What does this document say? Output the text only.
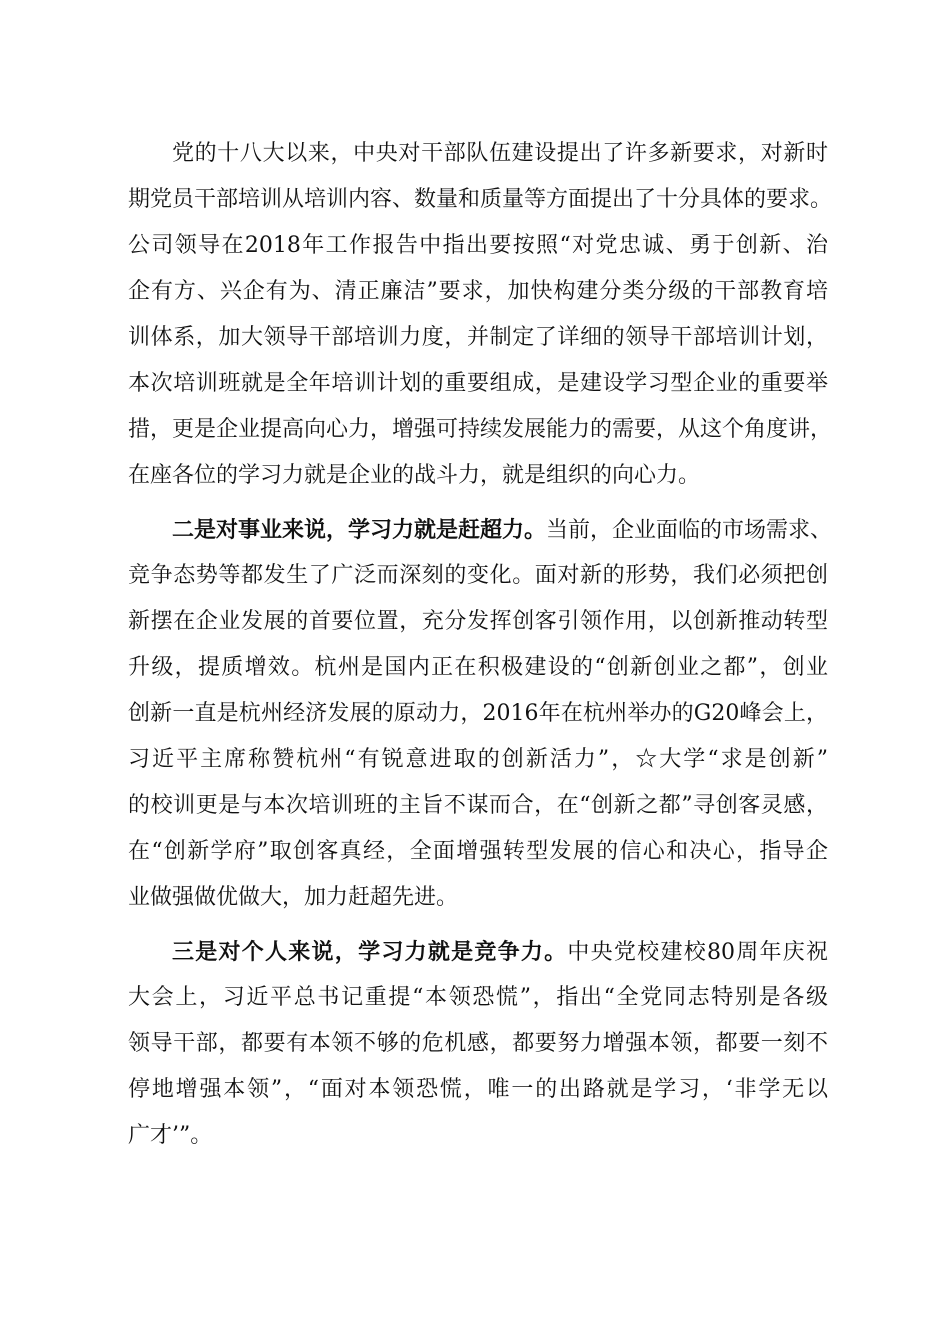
党的十八大以来，中央对干部队伍建设提出了许多新要求，对新时
期党员干部培训从培训内容、数量和质量等方面提出了十分具体的要求。
公司领导在2018年工作报告中指出要按照“对党忠诚、勇于创新、治
企有方、兴企有为、清正廉洁”要求，加快构建分类分级的干部教育培
训体系，加大领导干部培训力度，并制定了详细的领导干部培训计划，
本次培训班就是全年培训计划的重要组成，是建设学习型企业的重要举
措，更是企业提高向心力，增强可持续发展能力的需要，从这个角度讲，
在座各位的学习力就是企业的战斗力，就是组织的向心力。
二是对事业来说，学习力就是赶超力。当前，企业面临的市场需求、
竞争态势等都发生了广泛而深刻的变化。面对新的形势，我们必须把创
新摆在企业发展的首要位置，充分发挥创客引领作用，以创新推动转型
升级，提质增效。杭州是国内正在积极建设的“创新创业之都”，创业
创新一直是杭州经济发展的原动力，2016年在杭州举办的G20峰会上，
习近平主席称赞杭州“有锐意进取的创新活力”，☆大学“求是创新”
的校训更是与本次培训班的主旨不谋而合，在“创新之都”寻创客灵感，
在“创新学府”取创客真经，全面增强转型发展的信心和决心，指导企
业做强做优做大，加力赶超先进。
三是对个人来说，学习力就是竞争力。中央党校建校80周年庆祝
大会上，习近平总书记重提“本领恐慌”，指出“全党同志特别是各级
领导干部，都要有本领不够的危机感，都要努力增强本领，都要一刻不
停地增强本领”，“面对本领恐慌，唯一的出路就是学习，‘非学无以
广才’”。
